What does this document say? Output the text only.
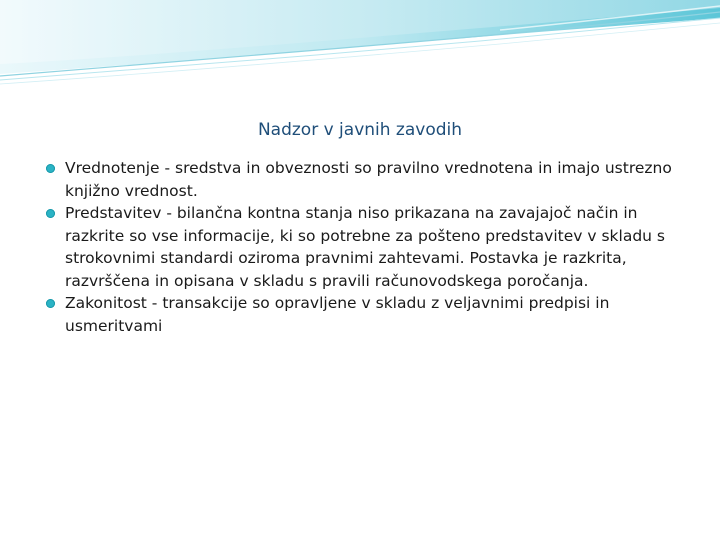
Nadzor v javnih zavodih
Vrednotenje - sredstva in obveznosti so pravilno vrednotena in imajo ustrezno knjižno vrednost.
Predstavitev - bilančna kontna stanja niso prikazana na zavajajoč način in razkrite so vse informacije, ki so potrebne za pošteno predstavitev v skladu s strokovnimi standardi oziroma pravnimi zahtevami. Postavka je razkrita, razvrščena in opisana v skladu s pravili računovodskega poročanja.
Zakonitost - transakcije so opravljene v skladu z veljavnimi predpisi in usmeritvami
